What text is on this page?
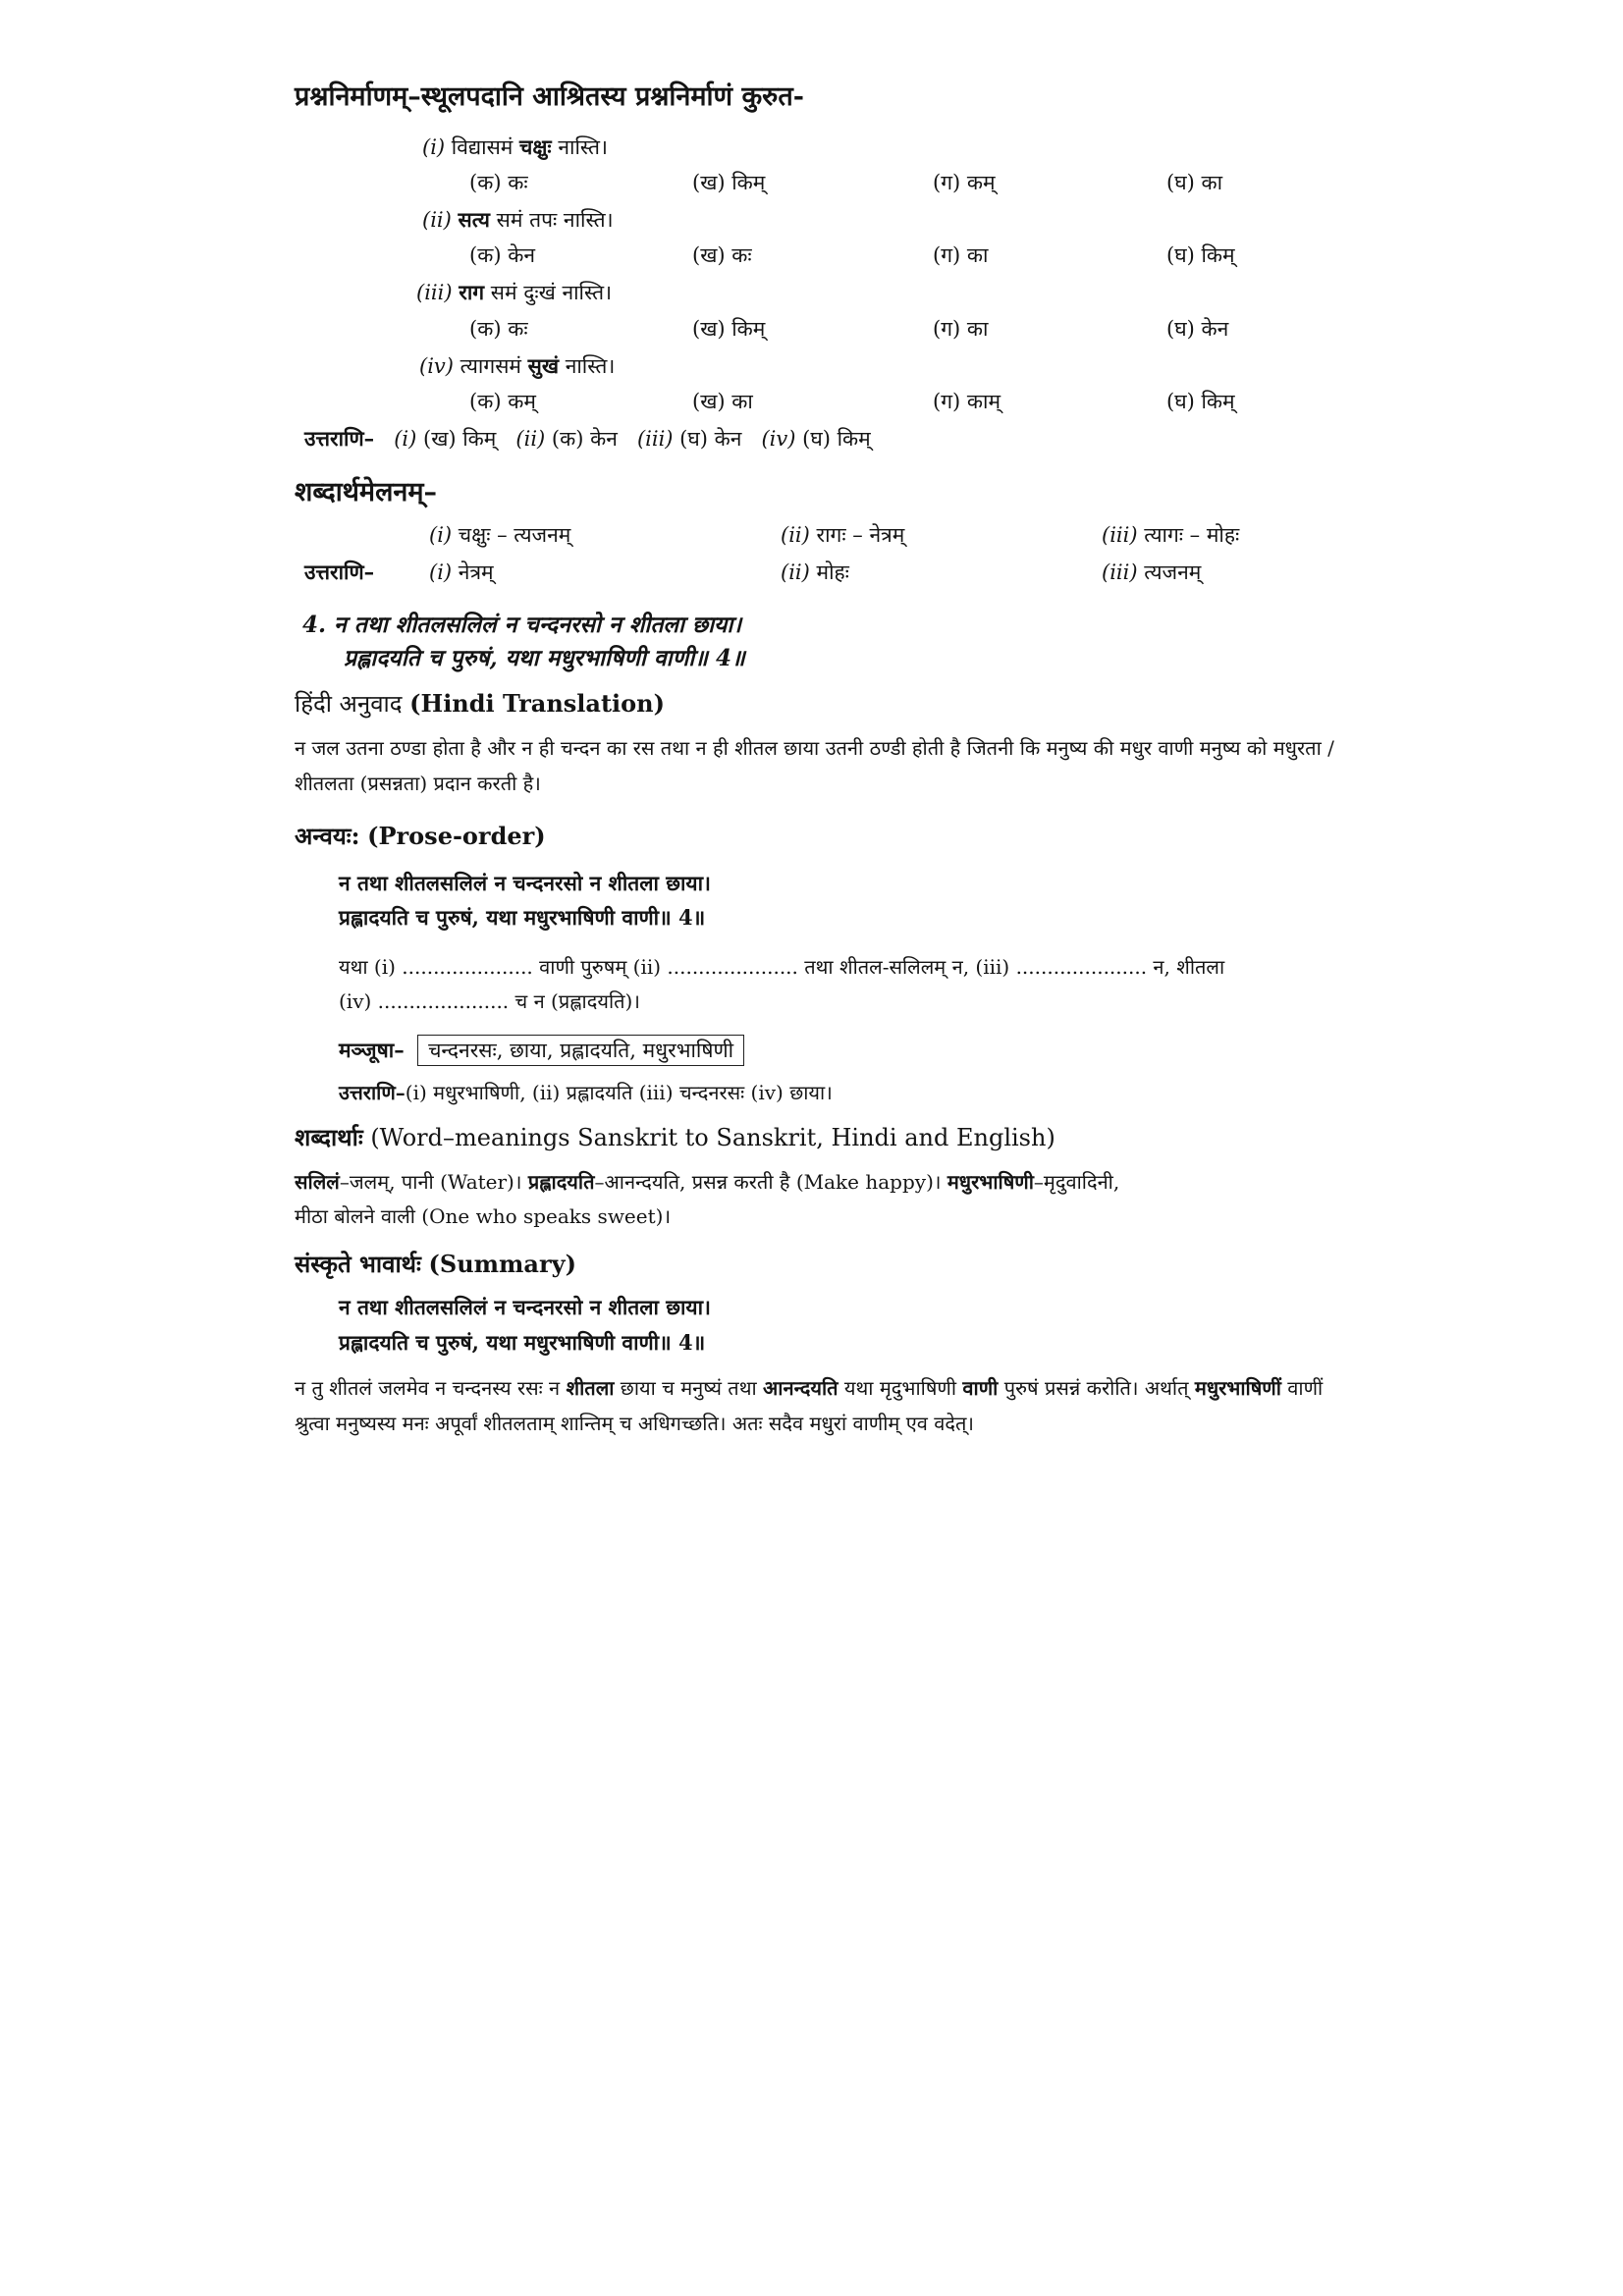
प्रश्ननिर्माणम्–स्थूलपदानि आश्रितस्य प्रश्ननिर्माणं कुरुत-
(i) विद्यासमं चक्षुः नास्ति।
(क) कः	(ख) किम्	(ग) कम्	(घ) का
(ii) सत्य समं तपः नास्ति।
(क) केन	(ख) कः	(ग) का	(घ) किम्
(iii) राग समं दुःखं नास्ति।
(क) कः	(ख) किम्	(ग) का	(घ) केन
(iv) त्यागसमं सुखं नास्ति।
(क) कम्	(ख) का	(ग) काम्	(घ) किम्
उत्तराणि– (i) (ख) किम् (ii) (क) केन (iii) (घ) केन (iv) (घ) किम्
शब्दार्थमेलनम्–
(i) चक्षुः – त्यजनम्	(ii) रागः – नेत्रम्	(iii) त्यागः – मोहः
उत्तराणि–	(i) नेत्रम्	(ii) मोहः	(iii) त्यजनम्
4. न तथा शीतलसलिलं न चन्दनरसो न शीतला छाया।
प्रह्लादयति च पुरुषं, यथा मधुरभाषिणी वाणी॥ 4॥
हिंदी अनुवाद (Hindi Translation)
न जल उतना ठण्डा होता है और न ही चन्दन का रस तथा न ही शीतल छाया उतनी ठण्डी होती है जितनी कि मनुष्य की मधुर वाणी मनुष्य को मधुरता / शीतलता (प्रसन्नता) प्रदान करती है।
अन्वयः: (Prose-order)
न तथा शीतलसलिलं न चन्दनरसो न शीतला छाया।
प्रह्लादयति च पुरुषं, यथा मधुरभाषिणी वाणी॥ 4॥
यथा (i) ..................... वाणी पुरुषम् (ii) ..................... तथा शीतल-सलिलम् न, (iii) ..................... न, शीतला
(iv) ..................... च न (प्रह्लादयति)।
मञ्जूषा– चन्दनरसः, छाया, प्रह्लादयति, मधुरभाषिणी
उत्तराणि–(i) मधुरभाषिणी, (ii) प्रह्लादयति (iii) चन्दनरसः (iv) छाया।
शब्दार्थाः (Word–meanings Sanskrit to Sanskrit, Hindi and English)
सलिलं–जलम्, पानी (Water)। प्रह्लादयति–आनन्दयति, प्रसन्न करती है (Make happy)। मधुरभाषिणी–मृदुवादिनी,
मीठा बोलने वाली (One who speaks sweet)।
संस्कृते भावार्थः (Summary)
न तथा शीतलसलिलं न चन्दनरसो न शीतला छाया।
प्रह्लादयति च पुरुषं, यथा मधुरभाषिणी वाणी॥ 4॥
न तु शीतलं जलमेव न चन्दनस्य रसः न शीतला छाया च मनुष्यं तथा आनन्दयति यथा मृदुभाषिणी वाणी पुरुषं प्रसन्नं करोति। अर्थात् मधुरभाषिणीं वाणीं श्रुत्वा मनुष्यस्य मनः अपूर्वां शीतलताम् शान्तिम् च अधिगच्छति। अतः सदैव मधुरां वाणीम् एव वदेत्।
